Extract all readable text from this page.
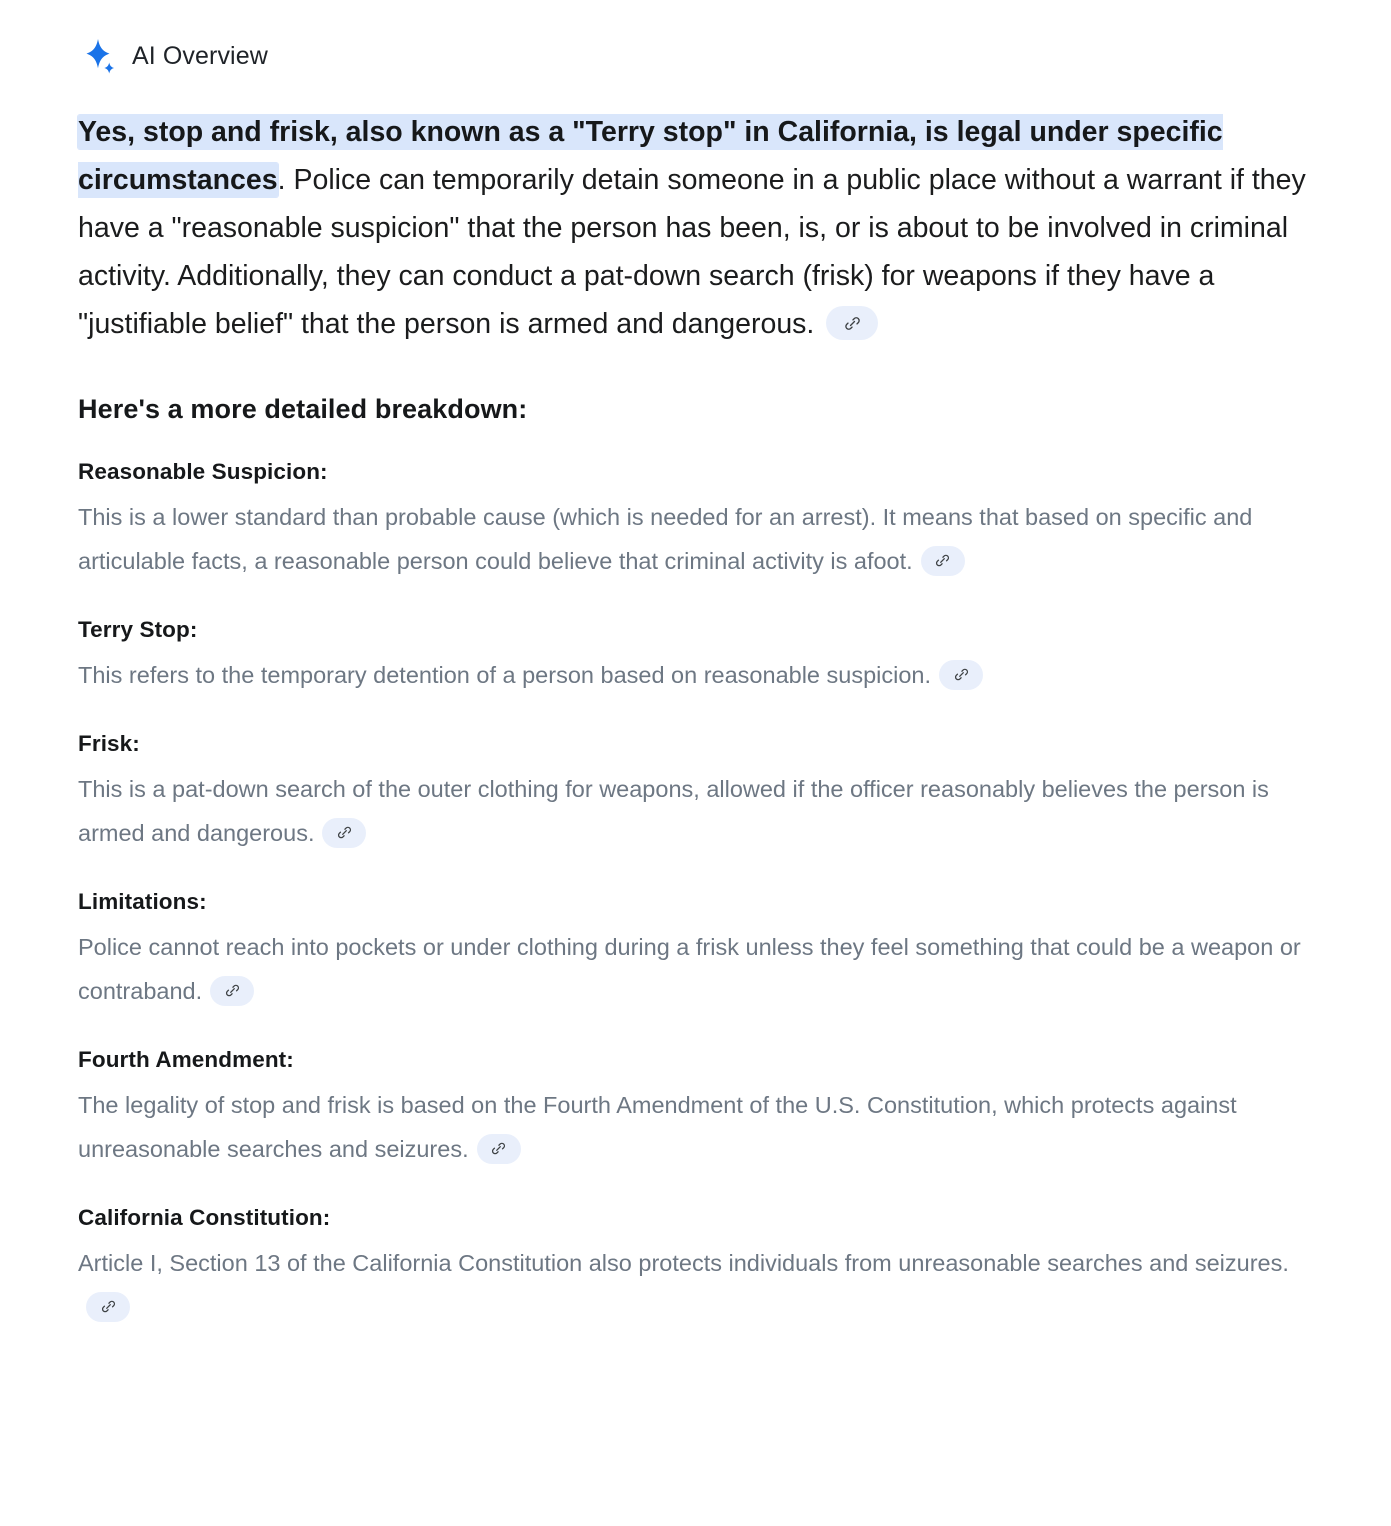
AI Overview

Yes, stop and frisk, also known as a "Terry stop" in California, is legal under specific circumstances. Police can temporarily detain someone in a public place without a warrant if they have a "reasonable suspicion" that the person has been, is, or is about to be involved in criminal activity. Additionally, they can conduct a pat-down search (frisk) for weapons if they have a "justifiable belief" that the person is armed and dangerous.

Here's a more detailed breakdown:
Reasonable Suspicion:
This is a lower standard than probable cause (which is needed for an arrest). It means that based on specific and articulable facts, a reasonable person could believe that criminal activity is afoot.
Terry Stop:
This refers to the temporary detention of a person based on reasonable suspicion.
Frisk:
This is a pat-down search of the outer clothing for weapons, allowed if the officer reasonably believes the person is armed and dangerous.
Limitations:
Police cannot reach into pockets or under clothing during a frisk unless they feel something that could be a weapon or contraband.
Fourth Amendment:
The legality of stop and frisk is based on the Fourth Amendment of the U.S. Constitution, which protects against unreasonable searches and seizures.
California Constitution:
Article I, Section 13 of the California Constitution also protects individuals from unreasonable searches and seizures.
